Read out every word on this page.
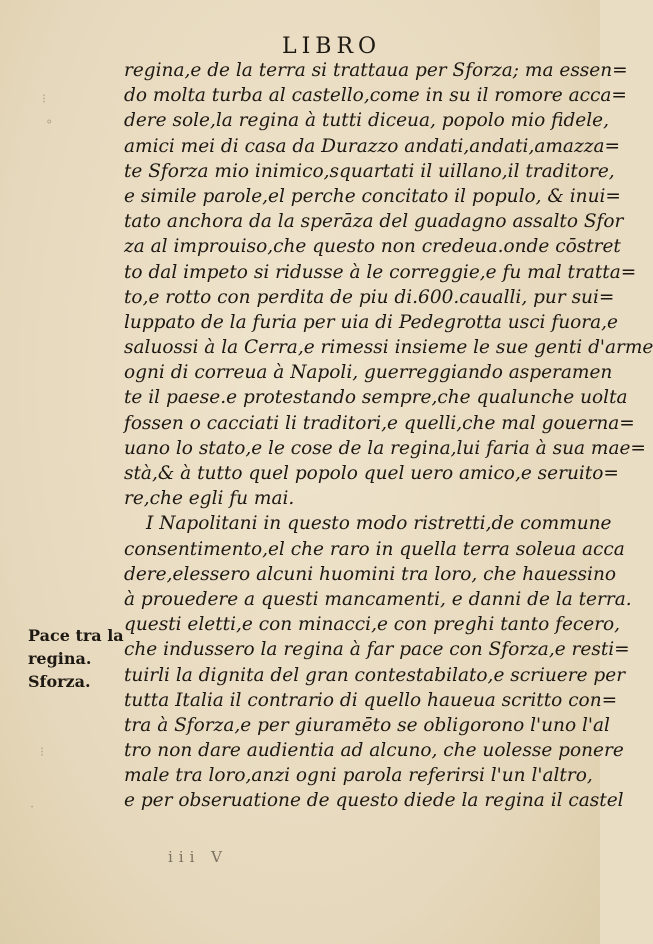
LIBRO
⁝
°
⁝
·
regina,e de la terra si trattaua per Sforza; ma essen=
do molta turba al castello,come in su il romore acca=
dere sole,la regina à tutti diceua, popolo mio fidele,
amici mei di casa da Durazzo andati,andati,amazza=
te Sforza mio inimico,squartati il uillano,il traditore,
e simile parole,el perche concitato il populo, & inui=
tato anchora da la sperāza del guadagno assalto Sfor
za al improuiso,che questo non credeua.onde cōstret
to dal impeto si ridusse à le correggie,e fu mal tratta=
to,e rotto con perdita de piu di.600.caualli, pur sui=
luppato de la furia per uia di Pedegrotta usci fuora,e
saluossi à la Cerra,e rimessi insieme le sue genti d'arme
ogni di correua à Napoli, guerreggiando asperamen
te il paese.e protestando sempre,che qualunche uolta
fossen o cacciati li traditori,e quelli,che mal gouerna=
uano lo stato,e le cose de la regina,lui faria à sua mae=
stà,& à tutto quel popolo quel uero amico,e seruito=
re,che egli fu mai.
I Napolitani in questo modo ristretti,de commune
consentimento,el che raro in quella terra soleua acca
dere,elessero alcuni huomini tra loro, che hauessino
à prouedere a questi mancamenti, e danni de la terra.
questi eletti,e con minacci,e con preghi tanto fecero,
che indussero la regina à far pace con Sforza,e resti=
tuirli la dignita del gran contestabilato,e scriuere per
tutta Italia il contrario di quello haueua scritto con=
tra à Sforza,e per giuramēto se obligorono l'uno l'al
tro non dare audientia ad alcuno, che uolesse ponere
male tra loro,anzi ogni parola referirsi l'un l'altro,
e per obseruatione de questo diede la regina il castel
Pace tra la
regina.
Sforza.
iii V
